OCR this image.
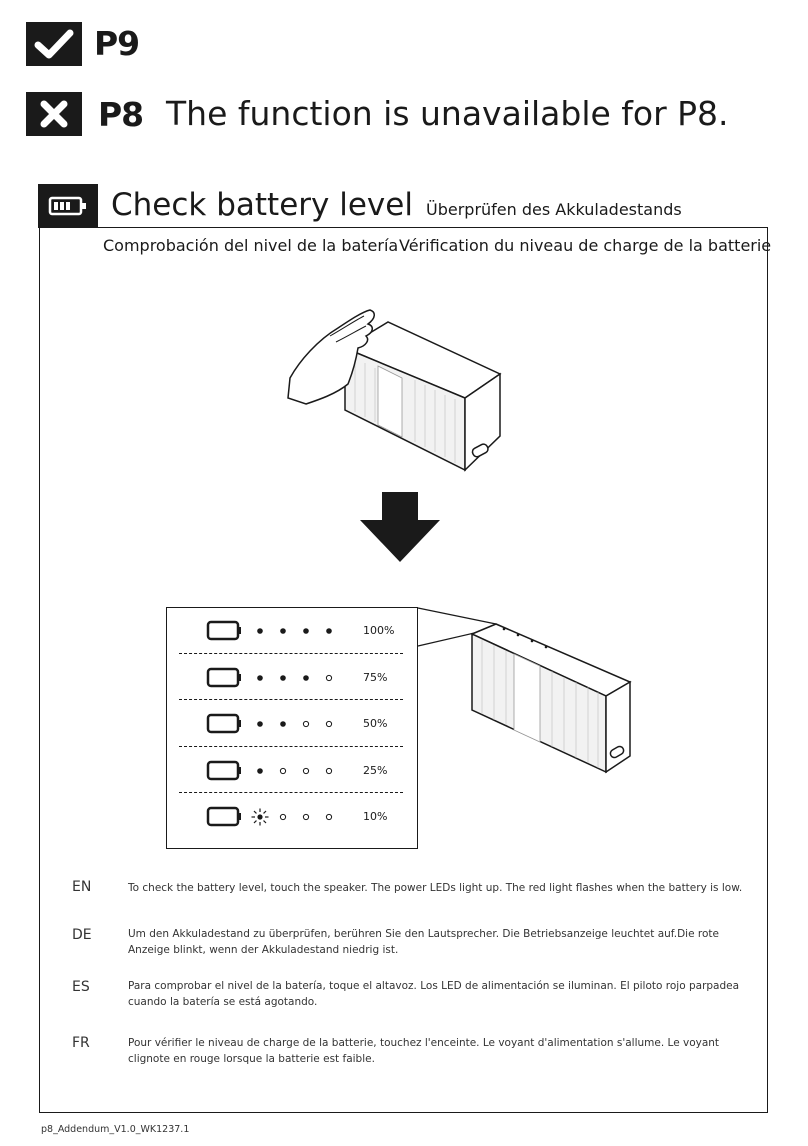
P9
P8 The function is unavailable for P8.
Check battery level Überprüfen des Akkuladestands
Comprobación del nivel de la batería Vérification du niveau de charge de la batterie
100%
75%
50%
25%
10%
EN	To check the battery level, touch the speaker. The power LEDs light up. The red light flashes when the battery is low.
DE	Um den Akkuladestand zu überprüfen, berühren Sie den Lautsprecher. Die Betriebsanzeige leuchtet auf.Die rote Anzeige blinkt, wenn der Akkuladestand niedrig ist.
ES	Para comprobar el nivel de la batería, toque el altavoz. Los LED de alimentación se iluminan. El piloto rojo parpadea cuando la batería se está agotando.
FR	Pour vérifier le niveau de charge de la batterie, touchez l'enceinte. Le voyant d'alimentation s'allume. Le voyant clignote en rouge lorsque la batterie est faible.
p8_Addendum_V1.0_WK1237.1
